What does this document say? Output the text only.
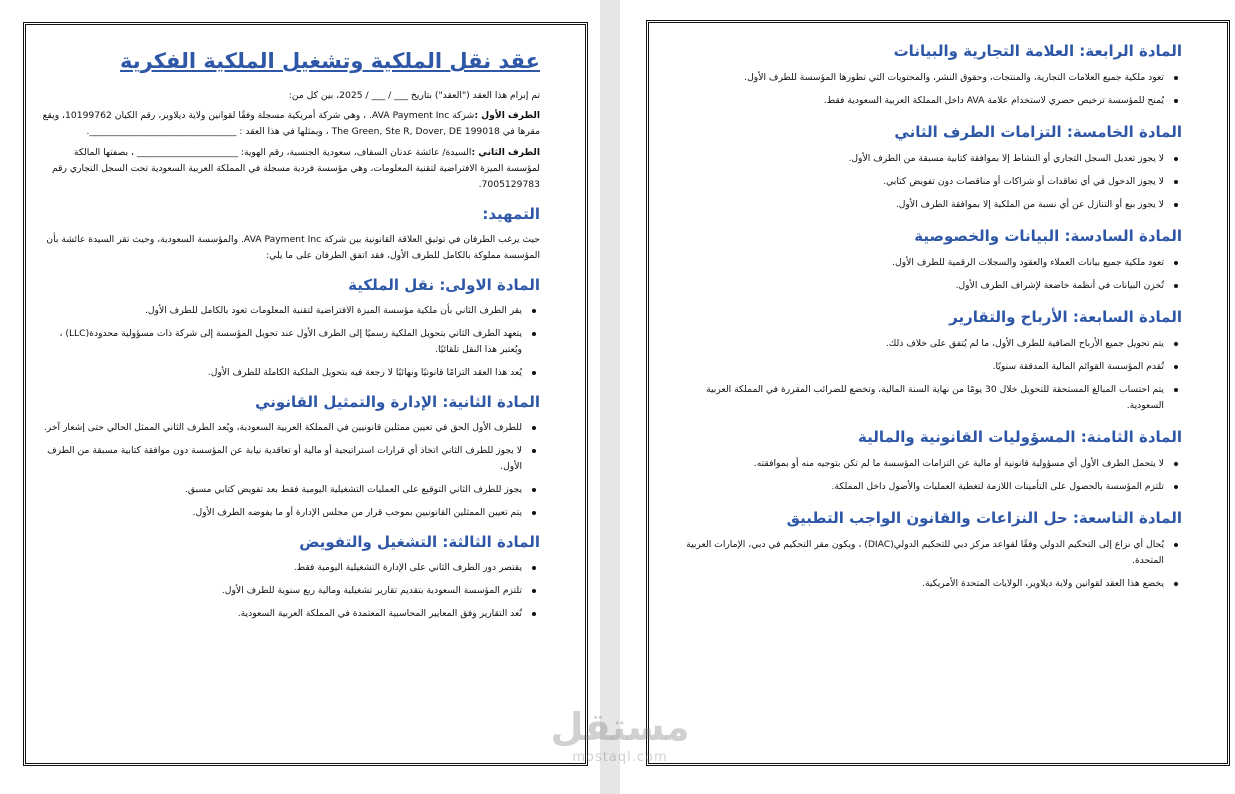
عقد نقل الملكية وتشغيل الملكية الفكرية

تم إبرام هذا العقد ("العقد") بتاريخ ___ / ___ / 2025، بين كل من:

الطرف الأول :شركة AVA Payment Inc. ، وهي شركة أمريكية مسجلة وفقًا لقوانين ولاية ديلاوير، رقم الكيان 10199762، ويقع مقرها في The Green, Ste R, Dover, DE 199018 ، ويمثلها في هذا العقد : ________________________________.

الطرف الثاني :السيدة/ عائشة عدنان السقاف، سعودية الجنسية، رقم الهوية: ______________________ ، بصفتها المالكة لمؤسسة الميزة الافتراضية لتقنية المعلومات، وهي مؤسسة فردية مسجلة في المملكة العربية السعودية تحت السجل التجاري رقم 7005129783.

التمهيد:

حيث يرغب الطرفان في توثيق العلاقة القانونية بين شركة AVA Payment Inc. والمؤسسة السعودية، وحيث تقر السيدة عائشة بأن المؤسسة مملوكة بالكامل للطرف الأول، فقد اتفق الطرفان على ما يلي:

المادة الاولى: نقل الملكية
يقر الطرف الثاني بأن ملكية مؤسسة الميزة الافتراضية لتقنية المعلومات تعود بالكامل للطرف الأول.
يتعهد الطرف الثاني بتحويل الملكية رسميًا إلى الطرف الأول عند تحويل المؤسسة إلى شركة ذات مسؤولية محدودة(LLC) ، ويُعتبر هذا النقل تلقائيًا.
يُعد هذا العقد التزامًا قانونيًا ونهائيًا لا رجعة فيه بتحويل الملكية الكاملة للطرف الأول.
المادة الثانية: الإدارة والتمثيل القانوني
للطرف الأول الحق في تعيين ممثلين قانونيين في المملكة العربية السعودية، ويُعد الطرف الثاني الممثل الحالي حتى إشعار آخر.
لا يجوز للطرف الثاني اتخاذ أي قرارات استراتيجية أو مالية أو تعاقدية نيابة عن المؤسسة دون موافقة كتابية مسبقة من الطرف الأول.
يجوز للطرف الثاني التوقيع على العمليات التشغيلية اليومية فقط بعد تفويض كتابي مسبق.
يتم تعيين الممثلين القانونيين بموجب قرار من مجلس الإدارة أو ما يفوضه الطرف الأول.
المادة الثالثة: التشغيل والتفويض
يقتصر دور الطرف الثاني على الإدارة التشغيلية اليومية فقط.
تلتزم المؤسسة السعودية بتقديم تقارير تشغيلية ومالية ربع سنوية للطرف الأول.
تُعد التقارير وفق المعايير المحاسبية المعتمدة في المملكة العربية السعودية.
المادة الرابعة: العلامة التجارية والبيانات
تعود ملكية جميع العلامات التجارية، والمنتجات، وحقوق النشر، والمحتويات التي تطورها المؤسسة للطرف الأول.
يُمنح للمؤسسة ترخيص حصري لاستخدام علامة AVA داخل المملكة العربية السعودية فقط.
المادة الخامسة: التزامات الطرف الثاني
لا يجوز تعديل السجل التجاري أو النشاط إلا بموافقة كتابية مسبقة من الطرف الأول.
لا يجوز الدخول في أي تعاقدات أو شراكات أو مناقصات دون تفويض كتابي.
لا يجوز بيع أو التنازل عن أي نسبة من الملكية إلا بموافقة الطرف الأول.
المادة السادسة: البيانات والخصوصية
تعود ملكية جميع بيانات العملاء والعقود والسجلات الرقمية للطرف الأول.
تُخزن البيانات في أنظمة خاضعة لإشراف الطرف الأول.
المادة السابعة: الأرباح والتقارير
يتم تحويل جميع الأرباح الصافية للطرف الأول، ما لم يُتفق على خلاف ذلك.
تُقدم المؤسسة القوائم المالية المدققة سنويًا.
يتم احتساب المبالغ المستحقة للتحويل خلال 30 يومًا من نهاية السنة المالية، وتخضع للضرائب المقررة في المملكة العربية السعودية.
المادة الثامنة: المسؤوليات القانونية والمالية
لا يتحمل الطرف الأول أي مسؤولية قانونية أو مالية عن التزامات المؤسسة ما لم تكن بتوجيه منه أو بموافقته.
تلتزم المؤسسة بالحصول على التأمينات اللازمة لتغطية العمليات والأصول داخل المملكة.
المادة التاسعة: حل النزاعات والقانون الواجب التطبيق
يُحال أي نزاع إلى التحكيم الدولي وفقًا لقواعد مركز دبي للتحكيم الدولي(DIAC) ، ويكون مقر التحكيم في دبي، الإمارات العربية المتحدة.
يخضع هذا العقد لقوانين ولاية ديلاوير، الولايات المتحدة الأمريكية.
مستقل
mostaql.com
